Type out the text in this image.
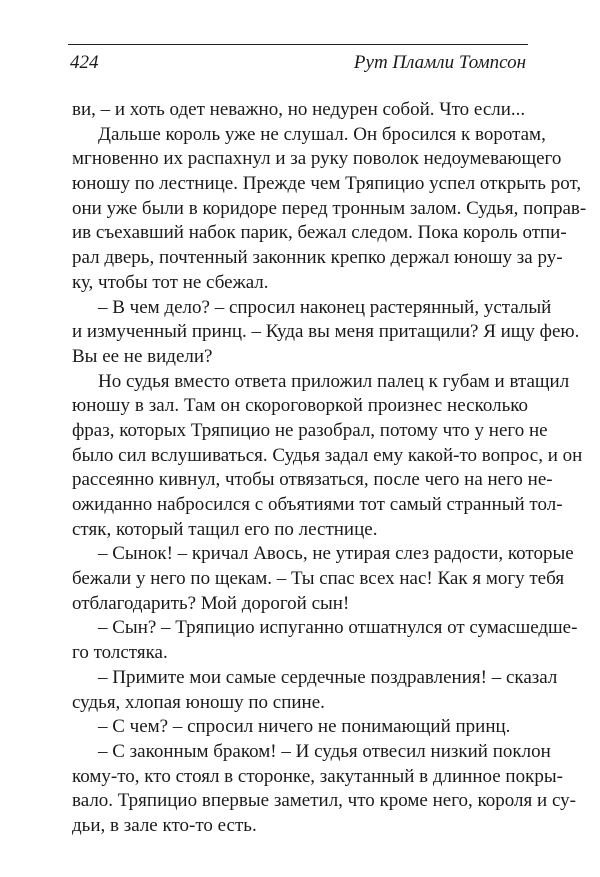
424	Рут Пламли Томпсон
ви, – и хоть одет неважно, но недурен собой. Что если...
Дальше король уже не слушал. Он бросился к воротам,
мгновенно их распахнул и за руку поволок недоумевающего
юношу по лестнице. Прежде чем Тряпицио успел открыть рот,
они уже были в коридоре перед тронным залом. Судья, поправ-
ив съехавший набок парик, бежал следом. Пока король отпи-
рал дверь, почтенный законник крепко держал юношу за ру-
ку, чтобы тот не сбежал.
– В чем дело? – спросил наконец растерянный, усталый
и измученный принц. – Куда вы меня притащили? Я ищу фею.
Вы ее не видели?
Но судья вместо ответа приложил палец к губам и втащил
юношу в зал. Там он скороговоркой произнес несколько
фраз, которых Тряпицио не разобрал, потому что у него не
было сил вслушиваться. Судья задал ему какой-то вопрос, и он
рассеянно кивнул, чтобы отвязаться, после чего на него не-
ожиданно набросился с объятиями тот самый странный тол-
стяк, который тащил его по лестнице.
– Сынок! – кричал Авось, не утирая слез радости, которые
бежали у него по щекам. – Ты спас всех нас! Как я могу тебя
отблагодарить? Мой дорогой сын!
– Сын? – Тряпицио испуганно отшатнулся от сумасшедше-
го толстяка.
– Примите мои самые сердечные поздравления! – сказал
судья, хлопая юношу по спине.
– С чем? – спросил ничего не понимающий принц.
– С законным браком! – И судья отвесил низкий поклон
кому-то, кто стоял в сторонке, закутанный в длинное покры-
вало. Тряпицио впервые заметил, что кроме него, короля и су-
дьи, в зале кто-то есть.
